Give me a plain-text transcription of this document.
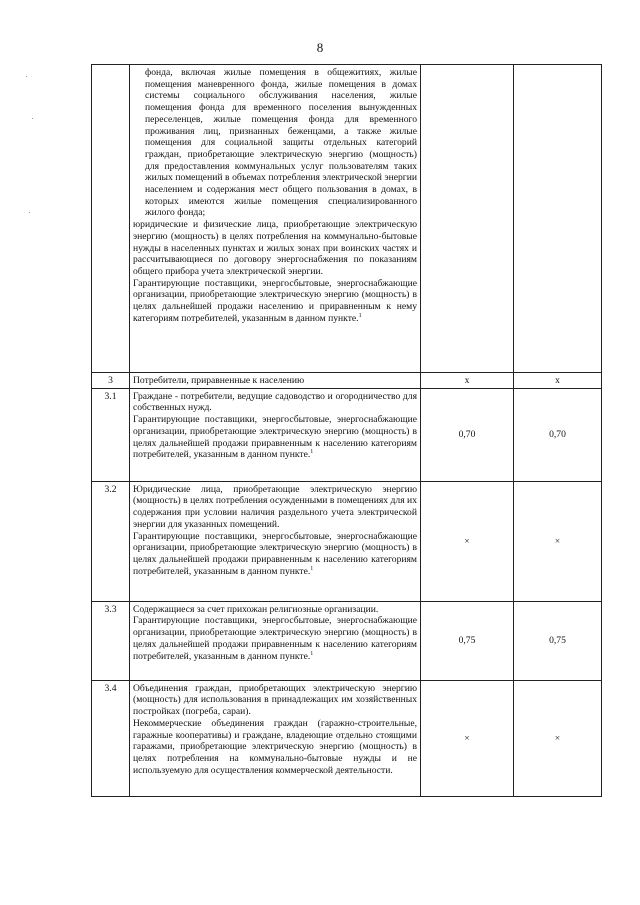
8

	фонда, включая жилые помещения в общежитиях, жилые помещения маневренного фонда, жилые помещения в домах системы социального обслуживания населения, жилые помещения фонда для временного поселения вынужденных переселенцев, жилые помещения фонда для временного проживания лиц, признанных беженцами, а также жилые помещения для социальной защиты отдельных категорий граждан, приобретающие электрическую энергию (мощность) для предоставления коммунальных услуг пользователям таких жилых помещений в объемах потребления электрической энергии населением и содержания мест общего пользования в домах, в которых имеются жилые помещения специализированного жилого фонда;

юридические и физические лица, приобретающие электрическую энергию (мощность) в целях потребления на коммунально-бытовые нужды в населенных пунктах и жилых зонах при воинских частях и рассчитывающиеся по договору энергоснабжения по показаниям общего прибора учета электрической энергии.

Гарантирующие поставщики, энергосбытовые, энергоснабжающие организации, приобретающие электрическую энергию (мощность) в целях дальнейшей продажи населению и приравненным к нему категориям потребителей, указанным в данном пункте.$^1$

3	Потребители, приравненные к населению	х	х
3.1	Граждане - потребители, ведущие садоводство и огородничество для собственных нужд.

Гарантирующие поставщики, энергосбытовые, энергоснабжающие организации, приобретающие электрическую энергию (мощность) в целях дальнейшей продажи приравненным к населению категориям потребителей, указанным в данном пункте.$^1$	0,70	0,70
3.2	Юридические лица, приобретающие электрическую энергию (мощность) в целях потребления осужденными в помещениях для их содержания при условии наличия раздельного учета электрической энергии для указанных помещений.

Гарантирующие поставщики, энергосбытовые, энергоснабжающие организации, приобретающие электрическую энергию (мощность) в целях дальнейшей продажи приравненным к населению категориям потребителей, указанным в данном пункте.$^1$	×	×
3.3	Содержащиеся за счет прихожан религиозные организации.

Гарантирующие поставщики, энергосбытовые, энергоснабжающие организации, приобретающие электрическую энергию (мощность) в целях дальнейшей продажи приравненным к населению категориям потребителей, указанным в данном пункте.$^1$	0,75	0,75
3.4	Объединения граждан, приобретающих электрическую энергию (мощность) для использования в принадлежащих им хозяйственных постройках (погреба, сараи).

Некоммерческие объединения граждан (гаражно-строительные, гаражные кооперативы) и граждане, владеющие отдельно стоящими гаражами, приобретающие электрическую энергию (мощность) в целях потребления на коммунально-бытовые нужды и не используемую для осуществления коммерческой деятельности.	×	×
